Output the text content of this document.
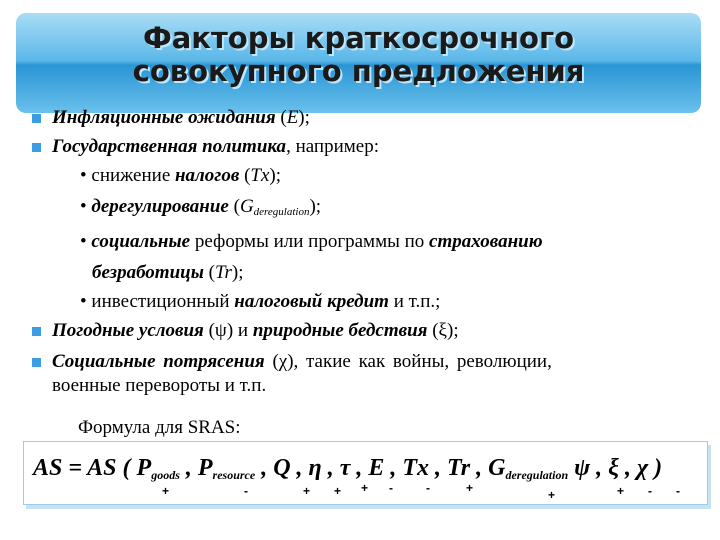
Факторы краткосрочного
совокупного предложения
Инфляционные ожидания (E);
Государственная политика, например:
• снижение налогов (Tx);
• дерегулирование $(G_{deregulation})$;
• социальные реформы или программы по страхованию
безработицы (Tr);
• инвестиционный налоговый кредит и т.п.;
Погодные условия (ψ) и природные бедствия (ξ);
Социальные потрясения (χ), такие как войны, революции,
военные перевороты и т.п.
Формула для SRAS:
AS = AS ( $P_{goods}$ , $P_{resource}$ , Q , η , τ , E , Tx , Tr , $G_{deregulation}$ ψ , ξ , χ )
+	-	+ + + -	-	+	+	+ - -
